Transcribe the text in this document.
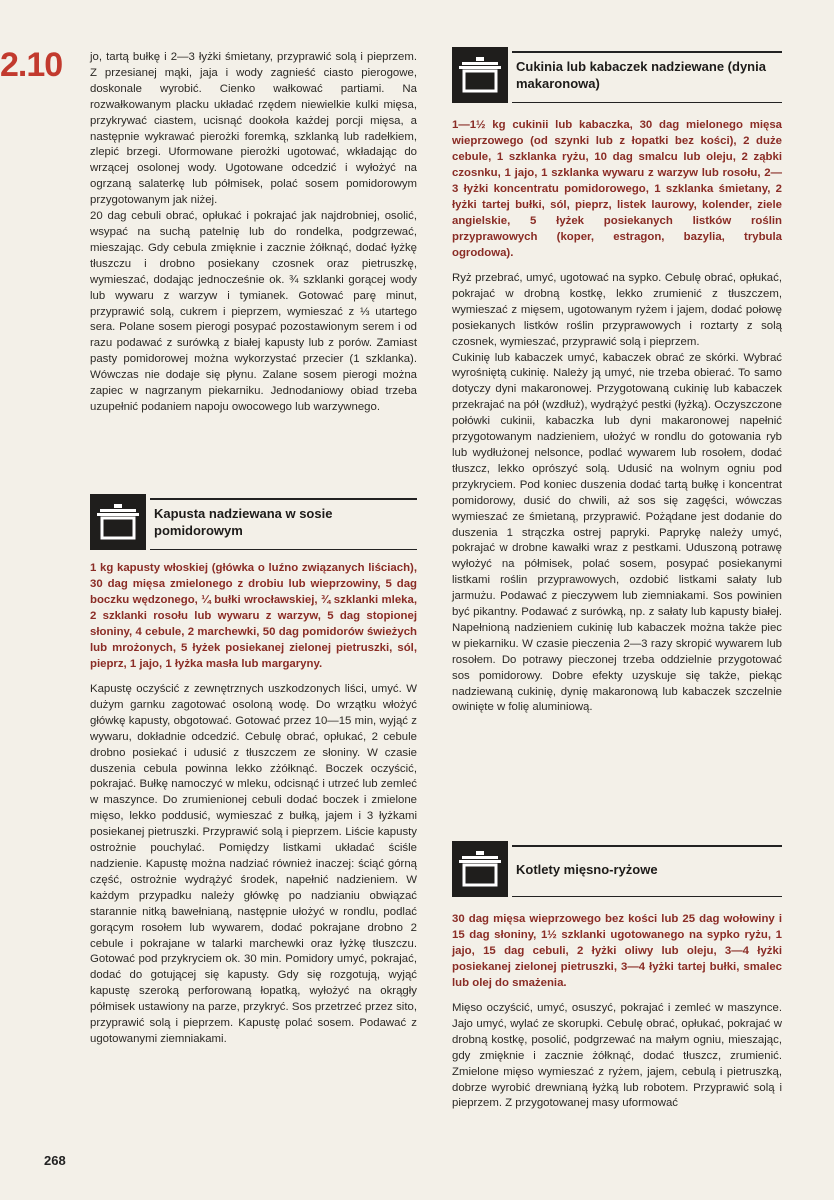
2.10
268

jo, tartą bułkę i 2—3 łyżki śmietany, przyprawić solą i pieprzem. Z przesianej mąki, jaja i wody zagnieść ciasto pierogowe, doskonale wyrobić. Cienko wałkować partiami. Na rozwałkowanym placku układać rzędem niewielkie kulki mięsa, przykrywać ciastem, ucisnąć dookoła każdej porcji mięsa, a następnie wykrawać pierożki foremką, szklanką lub radełkiem, zlepić brzegi. Uformowane pierożki ugotować, wkładając do wrzącej osolonej wody. Ugotowane odcedzić i wyłożyć na ogrzaną salaterkę lub półmisek, polać sosem pomidorowym przygotowanym jak niżej.

20 dag cebuli obrać, opłukać i pokrajać jak najdrobniej, osolić, wsypać na suchą patelnię lub do rondelka, podgrzewać, mieszając. Gdy cebula zmięknie i zacznie żółknąć, dodać łyżkę tłuszczu i drobno posiekany czosnek oraz pietruszkę, wymieszać, dodając jednocześnie ok. ¾ szklanki gorącej wody lub wywaru z warzyw i tymianek. Gotować parę minut, przyprawić solą, cukrem i pieprzem, wymieszać z ⅓ utartego sera. Polane sosem pierogi posypać pozostawionym serem i od razu podawać z surówką z białej kapusty lub z porów. Zamiast pasty pomidorowej można wykorzystać przecier (1 szklanka). Wówczas nie dodaje się płynu. Zalane sosem pierogi można zapiec w nagrzanym piekarniku. Jednodaniowy obiad trzeba uzupełnić podaniem napoju owocowego lub warzywnego.

Kapusta nadziewana w sosie pomidorowym

1 kg kapusty włoskiej (główka o luźno związanych liściach), 30 dag mięsa zmielonego z drobiu lub wieprzowiny, 5 dag boczku wędzonego, ¼ bułki wrocławskiej, ¾ szklanki mleka, 2 szklanki rosołu lub wywaru z warzyw, 5 dag stopionej słoniny, 4 cebule, 2 marchewki, 50 dag pomidorów świeżych lub mrożonych, 5 łyżek posiekanej zielonej pietruszki, sól, pieprz, 1 jajo, 1 łyżka masła lub margaryny.

Kapustę oczyścić z zewnętrznych uszkodzonych liści, umyć. W dużym garnku zagotować osoloną wodę. Do wrzątku włożyć główkę kapusty, obgotować. Gotować przez 10—15 min, wyjąć z wywaru, dokładnie odcedzić. Cebulę obrać, opłukać, 2 cebule drobno posiekać i udusić z tłuszczem ze słoniny. W czasie duszenia cebula powinna lekko zżółknąć. Boczek oczyścić, pokrajać. Bułkę namoczyć w mleku, odcisnąć i utrzeć lub zemleć w maszynce. Do zrumienionej cebuli dodać boczek i zmielone mięso, lekko poddusić, wymieszać z bułką, jajem i 3 łyżkami posiekanej pietruszki. Przyprawić solą i pieprzem. Liście kapusty ostrożnie pouchylać. Pomiędzy listkami układać ściśle nadzienie. Kapustę można nadziać również inaczej: ściąć górną część, ostrożnie wydrążyć środek, napełnić nadzieniem. W każdym przypadku należy główkę po nadzianiu obwiązać starannie nitką bawełnianą, następnie ułożyć w rondlu, podlać gorącym rosołem lub wywarem, dodać pokrajane drobno 2 cebule i pokrajane w talarki marchewki oraz łyżkę tłuszczu. Gotować pod przykryciem ok. 30 min. Pomidory umyć, pokrajać, dodać do gotującej się kapusty. Gdy się rozgotują, wyjąć kapustę szeroką perforowaną łopatką, wyłożyć na okrągły półmisek ustawiony na parze, przykryć. Sos przetrzeć przez sito, przyprawić solą i pieprzem. Kapustę polać sosem. Podawać z ugotowanymi ziemniakami.

Cukinia lub kabaczek nadziewane (dynia makaronowa)

1—1½ kg cukinii lub kabaczka, 30 dag mielonego mięsa wieprzowego (od szynki lub z łopatki bez kości), 2 duże cebule, 1 szklanka ryżu, 10 dag smalcu lub oleju, 2 ząbki czosnku, 1 jajo, 1 szklanka wywaru z warzyw lub rosołu, 2—3 łyżki koncentratu pomidorowego, 1 szklanka śmietany, 2 łyżki tartej bułki, sól, pieprz, listek laurowy, kolender, ziele angielskie, 5 łyżek posiekanych listków roślin przyprawowych (koper, estragon, bazylia, trybula ogrodowa).

Ryż przebrać, umyć, ugotować na sypko. Cebulę obrać, opłukać, pokrajać w drobną kostkę, lekko zrumienić z tłuszczem, wymieszać z mięsem, ugotowanym ryżem i jajem, dodać połowę posiekanych listków roślin przyprawowych i roztarty z solą czosnek, wymieszać, przyprawić solą i pieprzem.

Cukinię lub kabaczek umyć, kabaczek obrać ze skórki. Wybrać wyrośniętą cukinię. Należy ją umyć, nie trzeba obierać. To samo dotyczy dyni makaronowej. Przygotowaną cukinię lub kabaczek przekrajać na pół (wzdłuż), wydrążyć pestki (łyżką). Oczyszczone połówki cukinii, kabaczka lub dyni makaronowej napełnić przygotowanym nadzieniem, ułożyć w rondlu do gotowania ryb lub wydłużonej nelsonce, podlać wywarem lub rosołem, dodać tłuszcz, lekko oprószyć solą. Udusić na wolnym ogniu pod przykryciem. Pod koniec duszenia dodać tartą bułkę i koncentrat pomidorowy, dusić do chwili, aż sos się zagęści, wówczas wymieszać ze śmietaną, przyprawić. Pożądane jest dodanie do duszenia 1 strączka ostrej papryki. Paprykę należy umyć, pokrajać w drobne kawałki wraz z pestkami. Uduszoną potrawę wyłożyć na półmisek, polać sosem, posypać posiekanymi listkami roślin przyprawowych, ozdobić listkami sałaty lub jarmużu. Podawać z pieczywem lub ziemniakami. Sos powinien być pikantny. Podawać z surówką, np. z sałaty lub kapusty białej. Napełnioną nadzieniem cukinię lub kabaczek można także piec w piekarniku. W czasie pieczenia 2—3 razy skropić wywarem lub rosołem. Do potrawy pieczonej trzeba oddzielnie przygotować sos pomidorowy. Dobre efekty uzyskuje się także, piekąc nadziewaną cukinię, dynię makaronową lub kabaczek szczelnie owinięte w folię aluminiową.

Kotlety mięsno-ryżowe

30 dag mięsa wieprzowego bez kości lub 25 dag wołowiny i 15 dag słoniny, 1½ szklanki ugotowanego na sypko ryżu, 1 jajo, 15 dag cebuli, 2 łyżki oliwy lub oleju, 3—4 łyżki posiekanej zielonej pietruszki, 3—4 łyżki tartej bułki, smalec lub olej do smażenia.

Mięso oczyścić, umyć, osuszyć, pokrajać i zemleć w maszynce. Jajo umyć, wylać ze skorupki. Cebulę obrać, opłukać, pokrajać w drobną kostkę, posolić, podgrzewać na małym ogniu, mieszając, gdy zmięknie i zacznie żółknąć, dodać tłuszcz, zrumienić. Zmielone mięso wymieszać z ryżem, jajem, cebulą i pietruszką, dobrze wyrobić drewnianą łyżką lub robotem. Przyprawić solą i pieprzem. Z przygotowanej masy uformować
